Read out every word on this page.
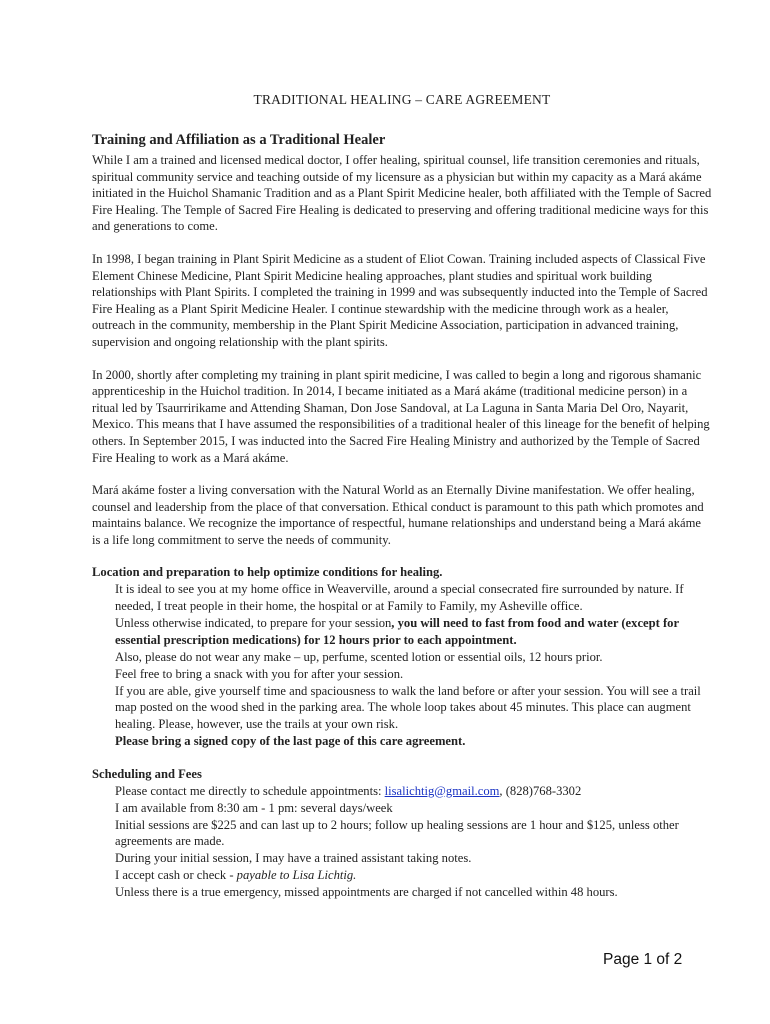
TRADITIONAL HEALING – CARE AGREEMENT
Training and Affiliation as a Traditional Healer

While I am a trained and licensed medical doctor, I offer healing, spiritual counsel, life transition ceremonies and rituals, spiritual community service and teaching outside of my licensure as a physician but within my capacity as a Mará akáme initiated in the Huichol Shamanic Tradition and as a Plant Spirit Medicine healer, both affiliated with the Temple of Sacred Fire Healing. The Temple of Sacred Fire Healing is dedicated to preserving and offering traditional medicine ways for this and generations to come.

In 1998, I began training in Plant Spirit Medicine as a student of Eliot Cowan. Training included aspects of Classical Five Element Chinese Medicine, Plant Spirit Medicine healing approaches, plant studies and spiritual work building relationships with Plant Spirits. I completed the training in 1999 and was subsequently inducted into the Temple of Sacred Fire Healing as a Plant Spirit Medicine Healer. I continue stewardship with the medicine through work as a healer, outreach in the community, membership in the Plant Spirit Medicine Association, participation in advanced training, supervision and ongoing relationship with the plant spirits.

In 2000, shortly after completing my training in plant spirit medicine, I was called to begin a long and rigorous shamanic apprenticeship in the Huichol tradition. In 2014, I became initiated as a Mará akáme (traditional medicine person) in a ritual led by Tsaurririkame and Attending Shaman, Don Jose Sandoval, at La Laguna in Santa Maria Del Oro, Nayarit, Mexico. This means that I have assumed the responsibilities of a traditional healer of this lineage for the benefit of helping others. In September 2015, I was inducted into the Sacred Fire Healing Ministry and authorized by the Temple of Sacred Fire Healing to work as a Mará akáme.

Mará akáme foster a living conversation with the Natural World as an Eternally Divine manifestation. We offer healing, counsel and leadership from the place of that conversation. Ethical conduct is paramount to this path which promotes and maintains balance. We recognize the importance of respectful, humane relationships and understand being a Mará akáme is a life long commitment to serve the needs of community.

Location and preparation to help optimize conditions for healing.
It is ideal to see you at my home office in Weaverville, around a special consecrated fire surrounded by nature. If needed, I treat people in their home, the hospital or at Family to Family, my Asheville office.
Unless otherwise indicated, to prepare for your session, you will need to fast from food and water (except for essential prescription medications) for 12 hours prior to each appointment.
Also, please do not wear any make – up, perfume, scented lotion or essential oils, 12 hours prior.
Feel free to bring a snack with you for after your session.
If you are able, give yourself time and spaciousness to walk the land before or after your session. You will see a trail map posted on the wood shed in the parking area. The whole loop takes about 45 minutes. This place can augment healing. Please, however, use the trails at your own risk.
Please bring a signed copy of the last page of this care agreement.
Scheduling and Fees
Please contact me directly to schedule appointments: lisalichtig@gmail.com, (828)768-3302
I am available from 8:30 am - 1 pm: several days/week
Initial sessions are $225 and can last up to 2 hours; follow up healing sessions are 1 hour and $125, unless other agreements are made.
During your initial session, I may have a trained assistant taking notes.
I accept cash or check - payable to Lisa Lichtig.
Unless there is a true emergency, missed appointments are charged if not cancelled within 48 hours.
Page 1 of 2
